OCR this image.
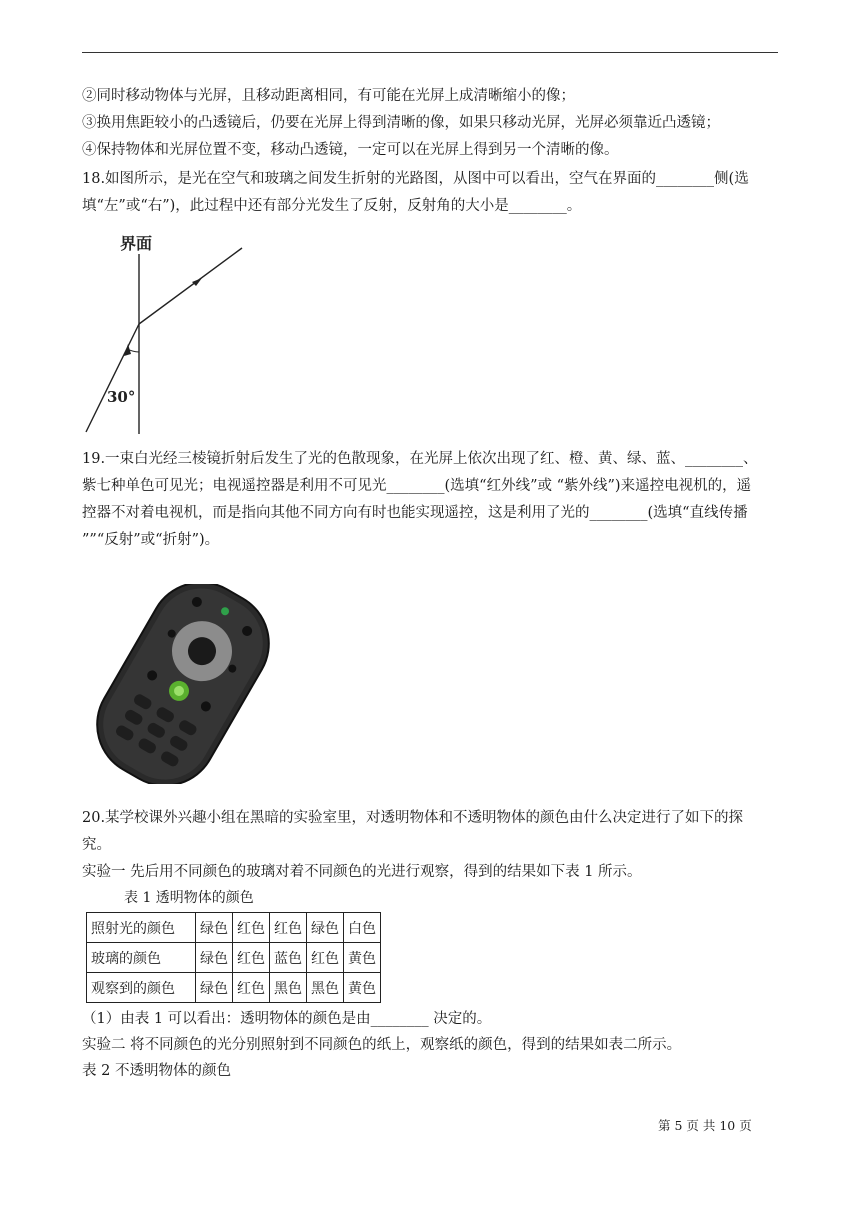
②同时移动物体与光屏，且移动距离相同，有可能在光屏上成清晰缩小的像；
③换用焦距较小的凸透镜后，仍要在光屏上得到清晰的像，如果只移动光屏，光屏必须靠近凸透镜；
④保持物体和光屏位置不变，移动凸透镜，一定可以在光屏上得到另一个清晰的像。
18.如图所示，是光在空气和玻璃之间发生折射的光路图，从图中可以看出，空气在界面的________侧(选
填“左”或“右”)，此过程中还有部分光发生了反射，反射角的大小是________。
界面
30°
19.一束白光经三棱镜折射后发生了光的色散现象，在光屏上依次出现了红、橙、黄、绿、蓝、________、
紫七种单色可见光；电视遥控器是利用不可见光________(选填“红外线”或 “紫外线”)来遥控电视机的，遥
控器不对着电视机，而是指向其他不同方向有时也能实现遥控，这是利用了光的________(选填“直线传播
””“反射”或“折射”)。
20.某学校课外兴趣小组在黑暗的实验室里，对透明物体和不透明物体的颜色由什么决定进行了如下的探
究。
实验一 先后用不同颜色的玻璃对着不同颜色的光进行观察，得到的结果如下表 1 所示。
表 1 透明物体的颜色
照射光的颜色	绿色	红色	红色	绿色	白色
玻璃的颜色	绿色	红色	蓝色	红色	黄色
观察到的颜色	绿色	红色	黑色	黑色	黄色
（1）由表 1 可以看出：透明物体的颜色是由________ 决定的。
实验二 将不同颜色的光分别照射到不同颜色的纸上，观察纸的颜色，得到的结果如表二所示。
表 2 不透明物体的颜色
第 5 页 共 10 页
